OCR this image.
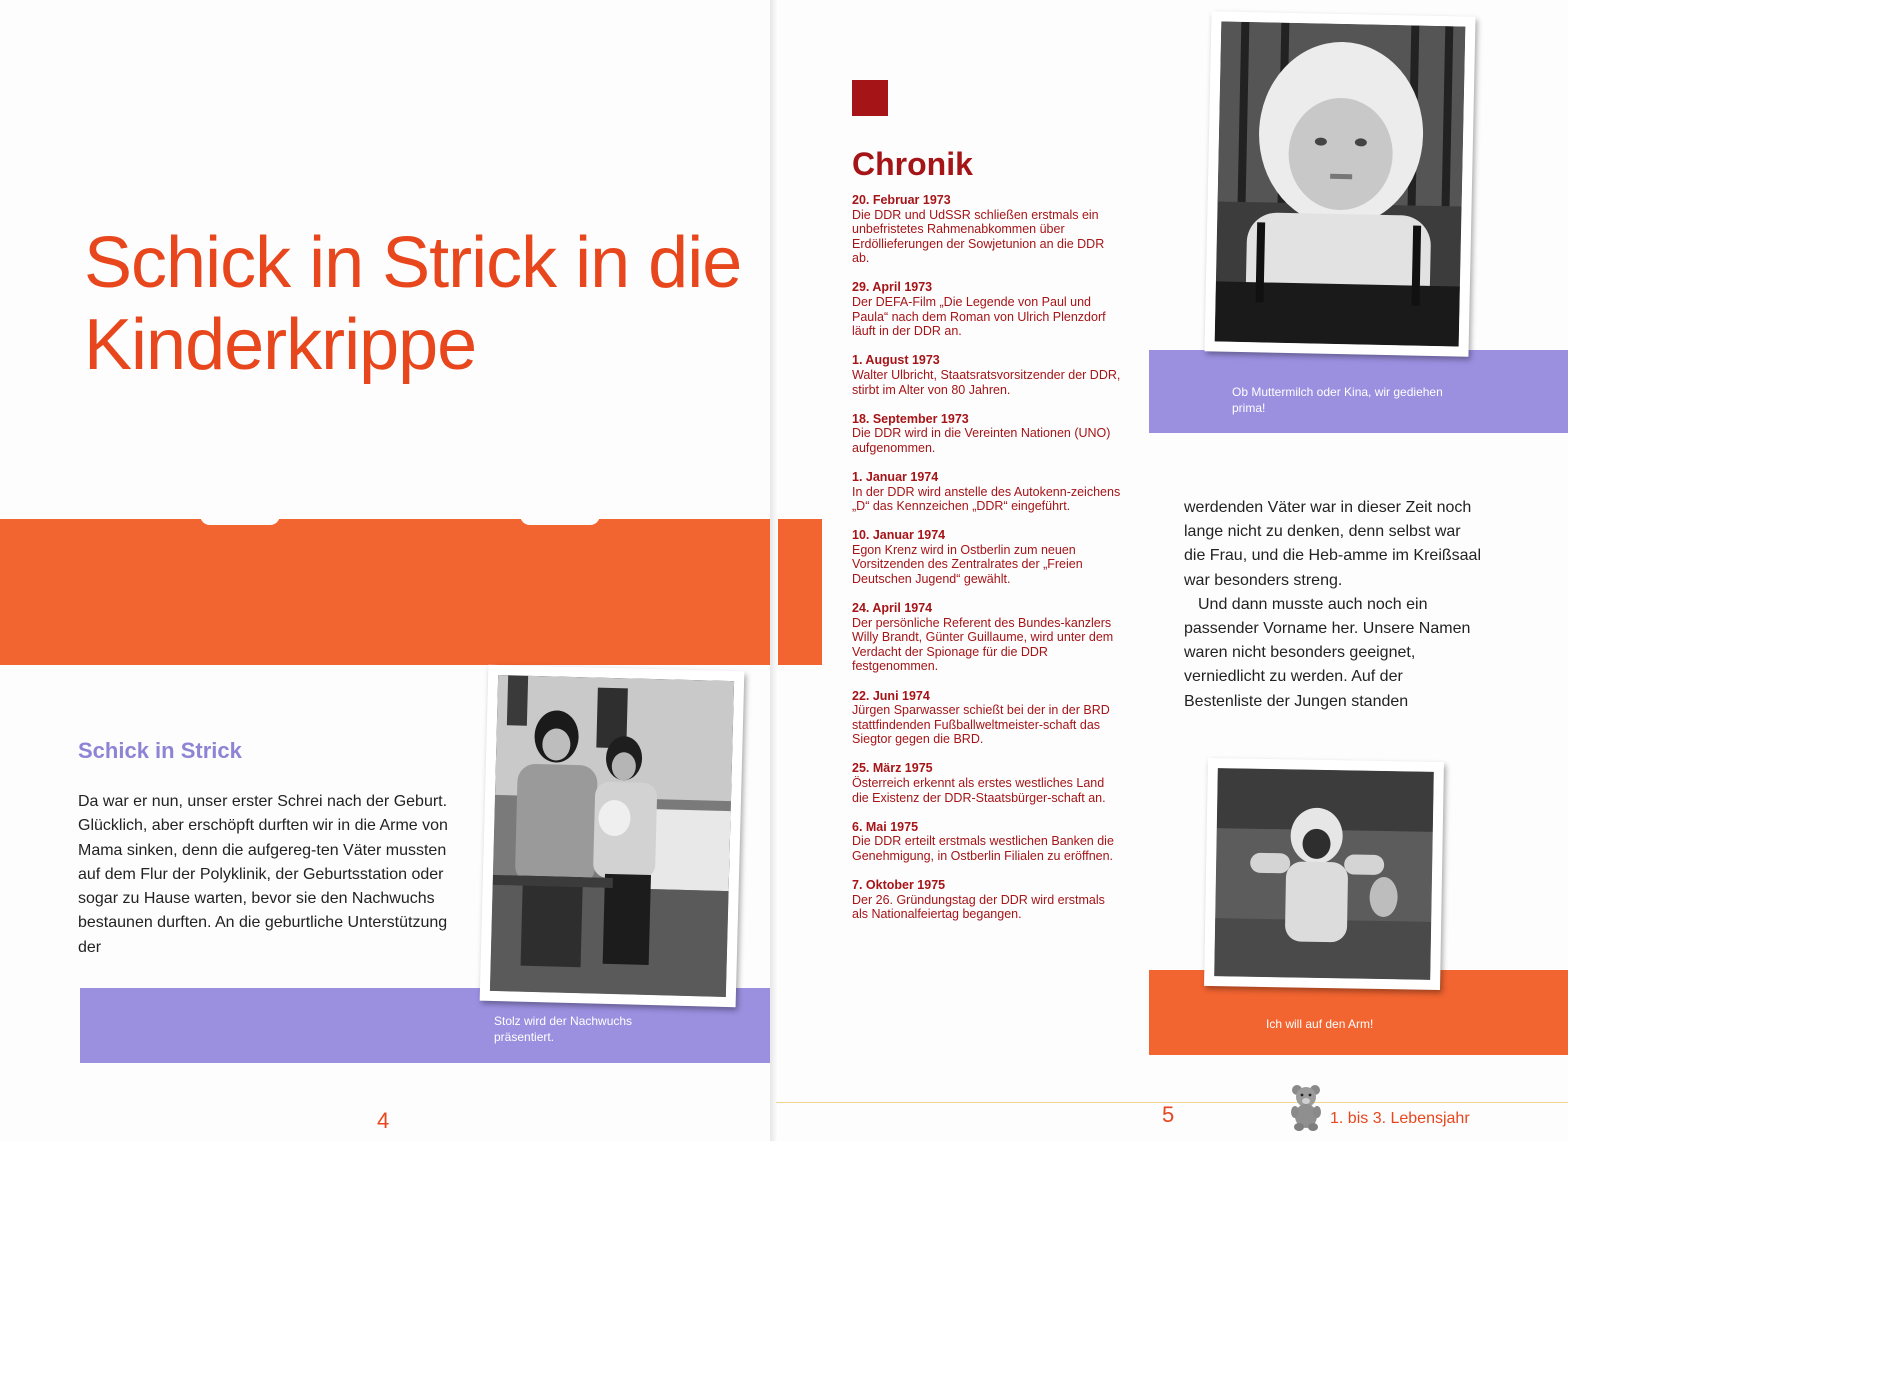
Schick in Strick in die Kinderkrippe
Schick in Strick

Da war er nun, unser erster Schrei nach der Geburt. Glücklich, aber erschöpft durften wir in die Arme von Mama sinken, denn die aufgereg-ten Väter mussten auf dem Flur der Polyklinik, der Geburtsstation oder sogar zu Hause warten, bevor sie den Nachwuchs bestaunen durften. An die geburtliche Unterstützung der

Stolz wird der Nachwuchs präsentiert.
4
Chronik

20. Februar 1973
Die DDR und UdSSR schließen erstmals ein unbefristetes Rahmenabkommen über Erdöllieferungen der Sowjetunion an die DDR ab.

29. April 1973
Der DEFA-Film „Die Legende von Paul und Paula“ nach dem Roman von Ulrich Plenzdorf läuft in der DDR an.

1. August 1973
Walter Ulbricht, Staatsratsvorsitzender der DDR, stirbt im Alter von 80 Jahren.

18. September 1973
Die DDR wird in die Vereinten Nationen (UNO) aufgenommen.

1. Januar 1974
In der DDR wird anstelle des Autokenn-zeichens „D“ das Kennzeichen „DDR“ eingeführt.

10. Januar 1974
Egon Krenz wird in Ostberlin zum neuen Vorsitzenden des Zentralrates der „Freien Deutschen Jugend“ gewählt.

24. April 1974
Der persönliche Referent des Bundes-kanzlers Willy Brandt, Günter Guillaume, wird unter dem Verdacht der Spionage für die DDR festgenommen.

22. Juni 1974
Jürgen Sparwasser schießt bei der in der BRD stattfindenden Fußballweltmeister-schaft das Siegtor gegen die BRD.

25. März 1975
Österreich erkennt als erstes westliches Land die Existenz der DDR-Staatsbürger-schaft an.

6. Mai 1975
Die DDR erteilt erstmals westlichen Banken die Genehmigung, in Ostberlin Filialen zu eröffnen.

7. Oktober 1975
Der 26. Gründungstag der DDR wird erstmals als Nationalfeiertag begangen.

Ob Muttermilch oder Kina, wir gediehen prima!

werdenden Väter war in dieser Zeit noch lange nicht zu denken, denn selbst war die Frau, und die Heb-amme im Kreißsaal war besonders streng.

Und dann musste auch noch ein passender Vorname her. Unsere Namen waren nicht besonders geeignet, verniedlicht zu werden. Auf der Bestenliste der Jungen standen

Ich will auf den Arm!
5	1. bis 3. Lebensjahr
